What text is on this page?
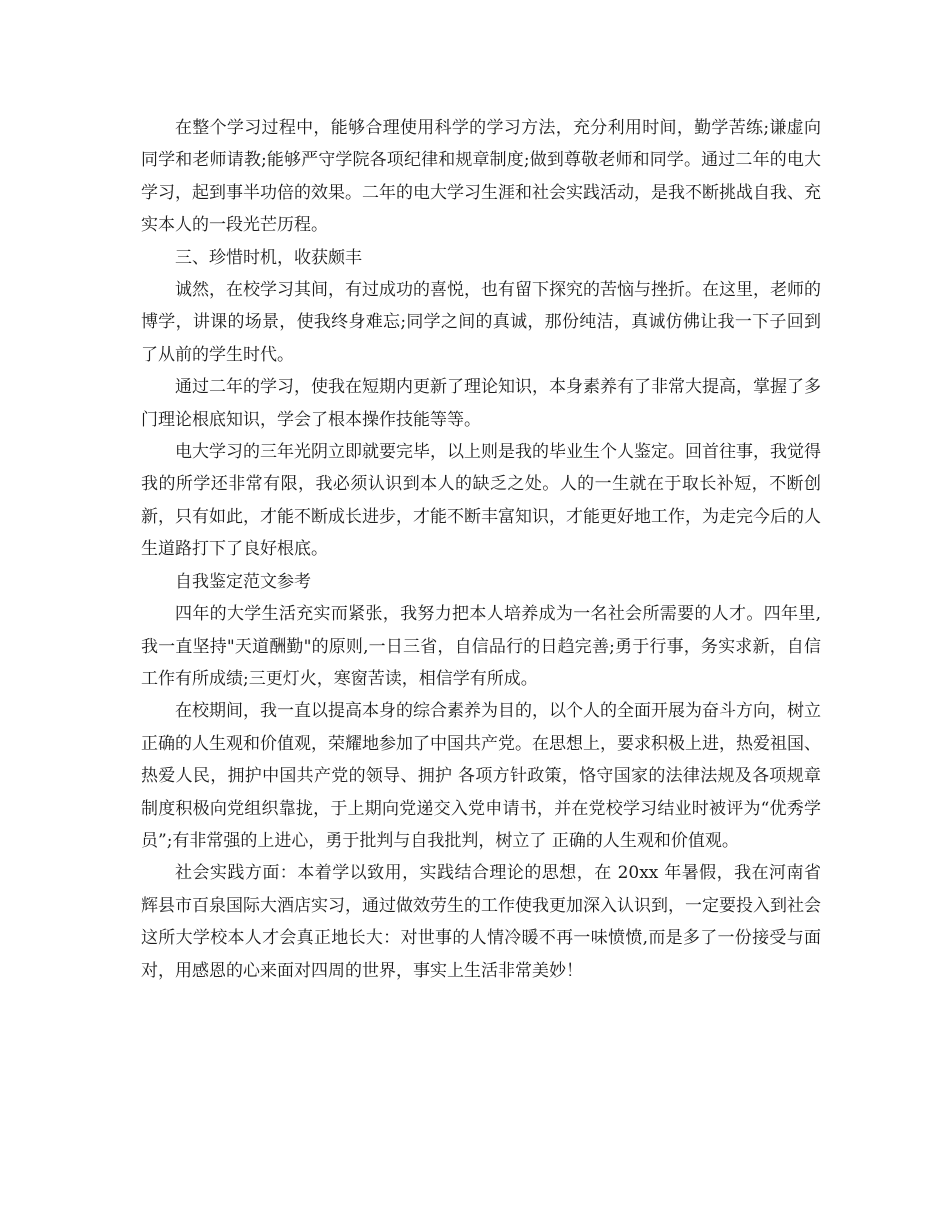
在整个学习过程中，能够合理使用科学的学习方法，充分利用时间，勤学苦练;谦虚向同学和老师请教;能够严守学院各项纪律和规章制度;做到尊敬老师和同学。通过二年的电大学习，起到事半功倍的效果。二年的电大学习生涯和社会实践活动，是我不断挑战自我、充实本人的一段光芒历程。

三、珍惜时机，收获颇丰

诚然，在校学习其间，有过成功的喜悦，也有留下探究的苦恼与挫折。在这里，老师的博学，讲课的场景，使我终身难忘;同学之间的真诚，那份纯洁，真诚仿佛让我一下子回到了从前的学生时代。

通过二年的学习，使我在短期内更新了理论知识，本身素养有了非常大提高，掌握了多门理论根底知识，学会了根本操作技能等等。

电大学习的三年光阴立即就要完毕，以上则是我的毕业生个人鉴定。回首往事，我觉得我的所学还非常有限，我必须认识到本人的缺乏之处。人的一生就在于取长补短，不断创新，只有如此，才能不断成长进步，才能不断丰富知识，才能更好地工作，为走完今后的人生道路打下了良好根底。

自我鉴定范文参考

四年的大学生活充实而紧张，我努力把本人培养成为一名社会所需要的人才。四年里,我一直坚持"天道酬勤"的原则,一日三省，自信品行的日趋完善;勇于行事，务实求新，自信工作有所成绩;三更灯火，寒窗苦读，相信学有所成。

在校期间，我一直以提高本身的综合素养为目的，以个人的全面开展为奋斗方向，树立正确的人生观和价值观，荣耀地参加了中国共产党。在思想上，要求积极上进，热爱祖国、热爱人民，拥护中国共产党的领导、拥护 各项方针政策，恪守国家的法律法规及各项规章制度积极向党组织靠拢，于上期向党递交入党申请书，并在党校学习结业时被评为“优秀学员”;有非常强的上进心，勇于批判与自我批判，树立了 正确的人生观和价值观。

社会实践方面：本着学以致用，实践结合理论的思想，在 20xx 年暑假，我在河南省辉县市百泉国际大酒店实习，通过做效劳生的工作使我更加深入认识到，一定要投入到社会这所大学校本人才会真正地长大：对世事的人情冷暖不再一味愤愤,而是多了一份接受与面对，用感恩的心来面对四周的世界，事实上生活非常美妙！
